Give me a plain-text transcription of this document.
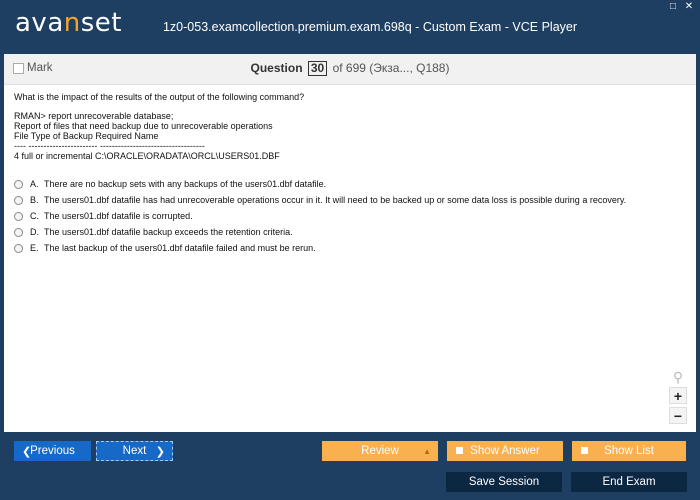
avanset	1z0-053.examcollection.premium.exam.698q - Custom Exam - VCE Player
□ ✕
Mark	Question 30 of 699 (Экза..., Q188)
What is the impact of the results of the output of the following command?
RMAN> report unrecoverable database;
Report of files that need backup due to unrecoverable operations
File Type of Backup Required Name
---- ----------------------- -----------------------------------
4 full or incremental C:\ORACLE\ORADATA\ORCL\USERS01.DBF
A. There are no backup sets with any backups of the users01.dbf datafile.
B. The users01.dbf datafile has had unrecoverable operations occur in it. It will need to be backed up or some data loss is possible during a recovery.
C. The users01.dbf datafile is corrupted.
D. The users01.dbf datafile backup exceeds the retention criteria.
E. The last backup of the users01.dbf datafile failed and must be rerun.
⚲
+
−
❮
Previous	Next ❯	Review	▲	Show Answer	Show List
Save Session	End Exam
